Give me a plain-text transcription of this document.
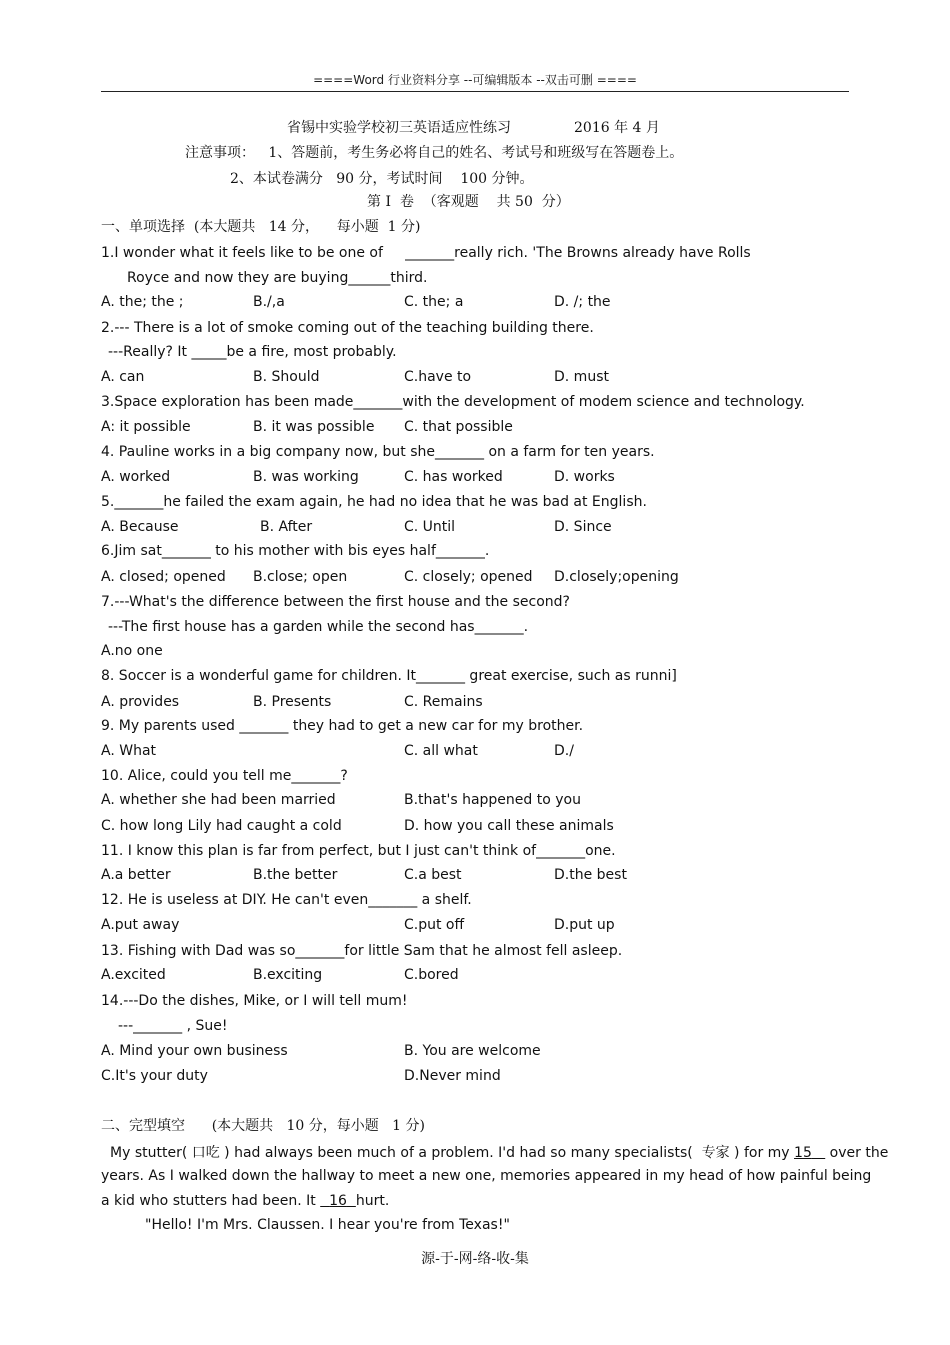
====Word 行业资料分享 --可编辑版本 --双击可删 ====
省锡中实验学校初三英语适应性练习	2016 年 4 月
注意事项：   1、答题前，考生务必将自己的姓名、考试号和班级写在答题卷上。
2、本试卷满分   90 分，考试时间    100 分钟。
第 I  卷  （客观题    共 50  分）
一、单项选择  (本大题共   14 分，    每小题  1 分)
1.I wonder what it feels like to be one of     _______really rich. 'The Browns already have Rolls
Royce and now they are buying______third.
A. the; the ;	B./,a	C. the; a	D. /; the
2.--- There is a lot of smoke coming out of the teaching building there.
---Really? It _____be a fire, most probably.
A. can	B. Should	C.have to	D. must
3.Space exploration has been made_______with the development of modem science and technology.
A: it possible	B. it was possible C. that possible
4. Pauline works in a big company now, but she_______ on a farm for ten years.
A. worked	B. was working	C. has worked	D. works
5._______he failed the exam again, he had no idea that he was bad at English.
A. Because	B. After	C. Until	D. Since
6.Jim sat_______ to his mother with bis eyes half_______.
A. closed; opened B.close; open	C. closely; opened D.closely;opening
7.---What's the difference between the first house and the second?
---The first house has a garden while the second has_______.
A.no one
8. Soccer is a wonderful game for children. It_______ great exercise, such as runni]
A. provides	B. Presents	C. Remains
9. My parents used _______ they had to get a new car for my brother.
A. What	C. all what	D./
10. Alice, could you tell me_______?
A. whether she had been married	B.that's happened to you
C. how long Lily had caught a cold	D. how you call these animals
11. I know this plan is far from perfect, but I just can't think of_______one.
A.a better	B.the better	C.a best	D.the best
12. He is useless at DIY. He can't even_______ a shelf.
A.put away	C.put off	D.put up
13. Fishing with Dad was so_______for little Sam that he almost fell asleep.
A.excited	B.exciting	C.bored
14.---Do the dishes, Mike, or I will tell mum!
---_______ , Sue!
A. Mind your own business	B. You are welcome
C.It's your duty	D.Never mind
二、完型填空      (本大题共   10 分，每小题   1 分)
My stutter( 口吃 ) had always been much of a problem. I'd had so many specialists(  专家 ) for my 15    over the
years. As I walked down the hallway to meet a new one, memories appeared in my head of how painful being
a kid who stutters had been. It   16 hurt.
"Hello! I'm Mrs. Claussen. I hear you're from Texas!"
源-于-网-络-收-集
